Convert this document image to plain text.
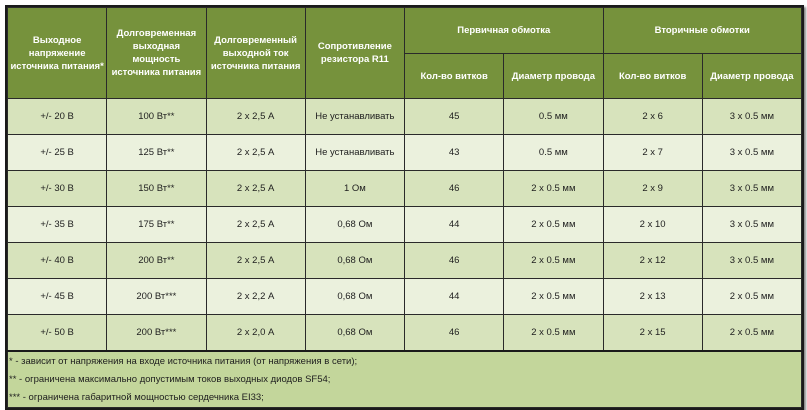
Выходное напряжение источника питания*	Долговременная выходная мощность источника питания	Долговременный выходной ток источника питания	Сопротивление резистора R11	Первичная обмотка		Вторичные обмотки	
				Кол-во витков	Диаметр провода	Кол-во витков	Диаметр провода
+/- 20 В	100 Вт**	2 х 2,5 А	Не устанавливать	45	0.5 мм	2 х 6	3 х 0.5 мм
+/- 25 В	125 Вт**	2 х 2,5 А	Не устанавливать	43	0.5 мм	2 х 7	3 х 0.5 мм
+/- 30 В	150 Вт**	2 х 2,5 А	1 Ом	46	2 х 0.5 мм	2 х 9	3 х 0.5 мм
+/- 35 В	175 Вт**	2 х 2,5 А	0,68 Ом	44	2 х 0.5 мм	2 х 10	3 х 0.5 мм
+/- 40 В	200 Вт**	2 х 2,5 А	0,68 Ом	46	2 х 0.5 мм	2 х 12	3 х 0.5 мм
+/- 45 В	200 Вт***	2 х 2,2 А	0,68 Ом	44	2 х 0.5 мм	2 х 13	2 х 0.5 мм
+/- 50 В	200 Вт***	2 х 2,0 А	0,68 Ом	46	2 х 0.5 мм	2 х 15	2 х 0.5 мм

* - зависит от напряжения на входе источника питания (от напряжения в сети);
** - ограничена максимально допустимым токов выходных диодов SF54;
*** - ограничена габаритной мощностью сердечника EI33;							
